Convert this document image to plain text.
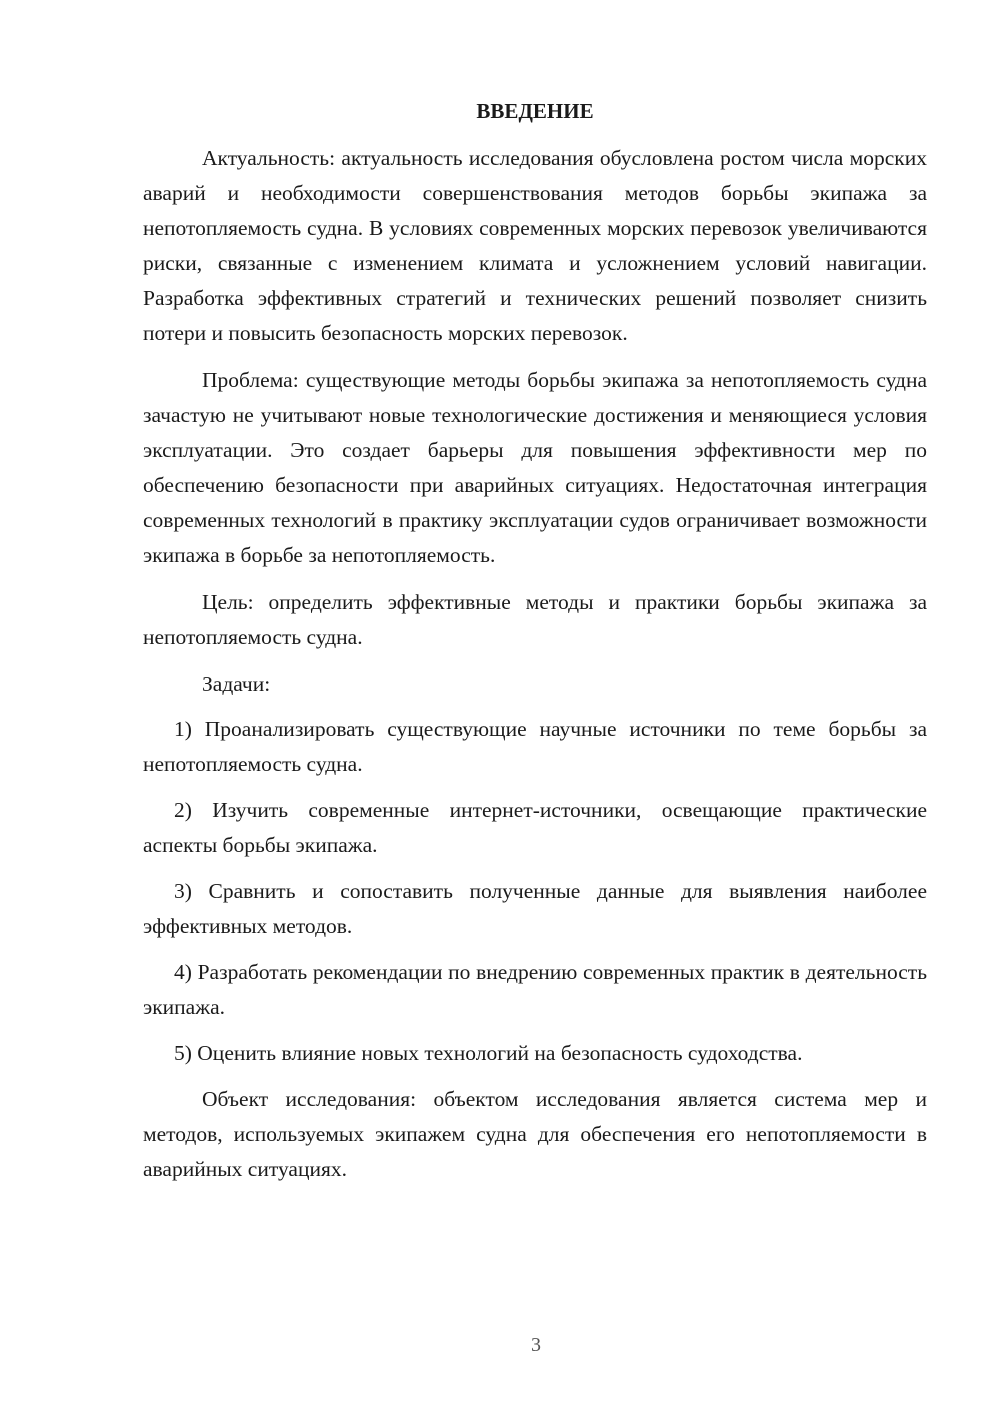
ВВЕДЕНИЕ

Актуальность: актуальность исследования обусловлена ростом числа морских аварий и необходимости совершенствования методов борьбы экипажа за непотопляемость судна. В условиях современных морских перевозок увеличиваются риски, связанные с изменением климата и усложнением условий навигации. Разработка эффективных стратегий и технических решений позволяет снизить потери и повысить безопасность морских перевозок.

Проблема: существующие методы борьбы экипажа за непотопляемость судна зачастую не учитывают новые технологические достижения и меняющиеся условия эксплуатации. Это создает барьеры для повышения эффективности мер по обеспечению безопасности при аварийных ситуациях. Недостаточная интеграция современных технологий в практику эксплуатации судов ограничивает возможности экипажа в борьбе за непотопляемость.

Цель: определить эффективные методы и практики борьбы экипажа за непотопляемость судна.

Задачи:

1) Проанализировать существующие научные источники по теме борьбы за непотопляемость судна.

2) Изучить современные интернет-источники, освещающие практические аспекты борьбы экипажа.

3) Сравнить и сопоставить полученные данные для выявления наиболее эффективных методов.

4) Разработать рекомендации по внедрению современных практик в деятельность экипажа.

5) Оценить влияние новых технологий на безопасность судоходства.

Объект исследования: объектом исследования является система мер и методов, используемых экипажем судна для обеспечения его непотопляемости в аварийных ситуациях.

3
